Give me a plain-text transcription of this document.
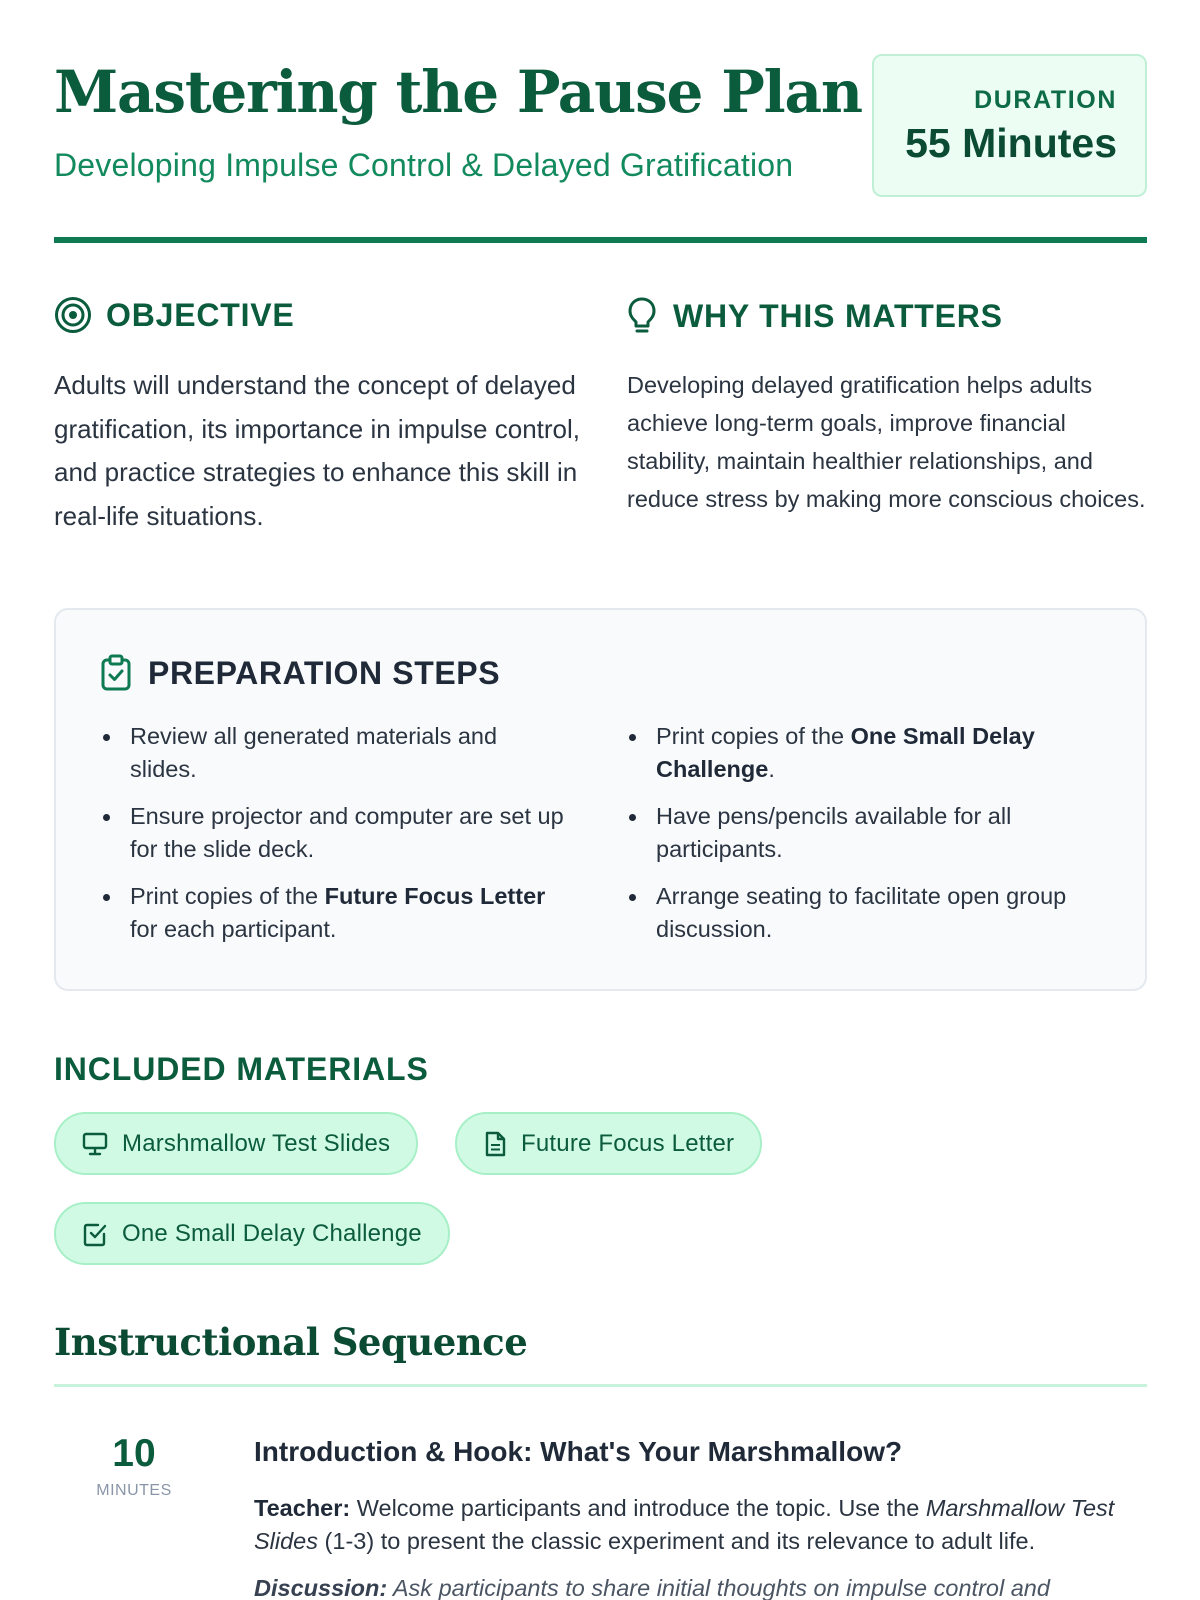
Mastering the Pause Plan
Developing Impulse Control & Delayed Gratification
DURATION
55 Minutes
OBJECTIVE

Adults will understand the concept of delayed gratification, its importance in impulse control, and practice strategies to enhance this skill in real-life situations.

WHY THIS MATTERS

Developing delayed gratification helps adults achieve long-term goals, improve financial stability, maintain healthier relationships, and reduce stress by making more conscious choices.

PREPARATION STEPS
Review all generated materials and slides.
Ensure projector and computer are set up for the slide deck.
Print copies of the Future Focus Letter for each participant.
Print copies of the One Small Delay Challenge.
Have pens/pencils available for all participants.
Arrange seating to facilitate open group discussion.
INCLUDED MATERIALS
Marshmallow Test Slides	Future Focus Letter
One Small Delay Challenge
Instructional Sequence
10
MINUTES
Introduction & Hook: What's Your Marshmallow?
Teacher: Welcome participants and introduce the topic. Use the Marshmallow Test Slides (1-3) to present the classic experiment and its relevance to adult life.
Discussion: Ask participants to share initial thoughts on impulse control and
